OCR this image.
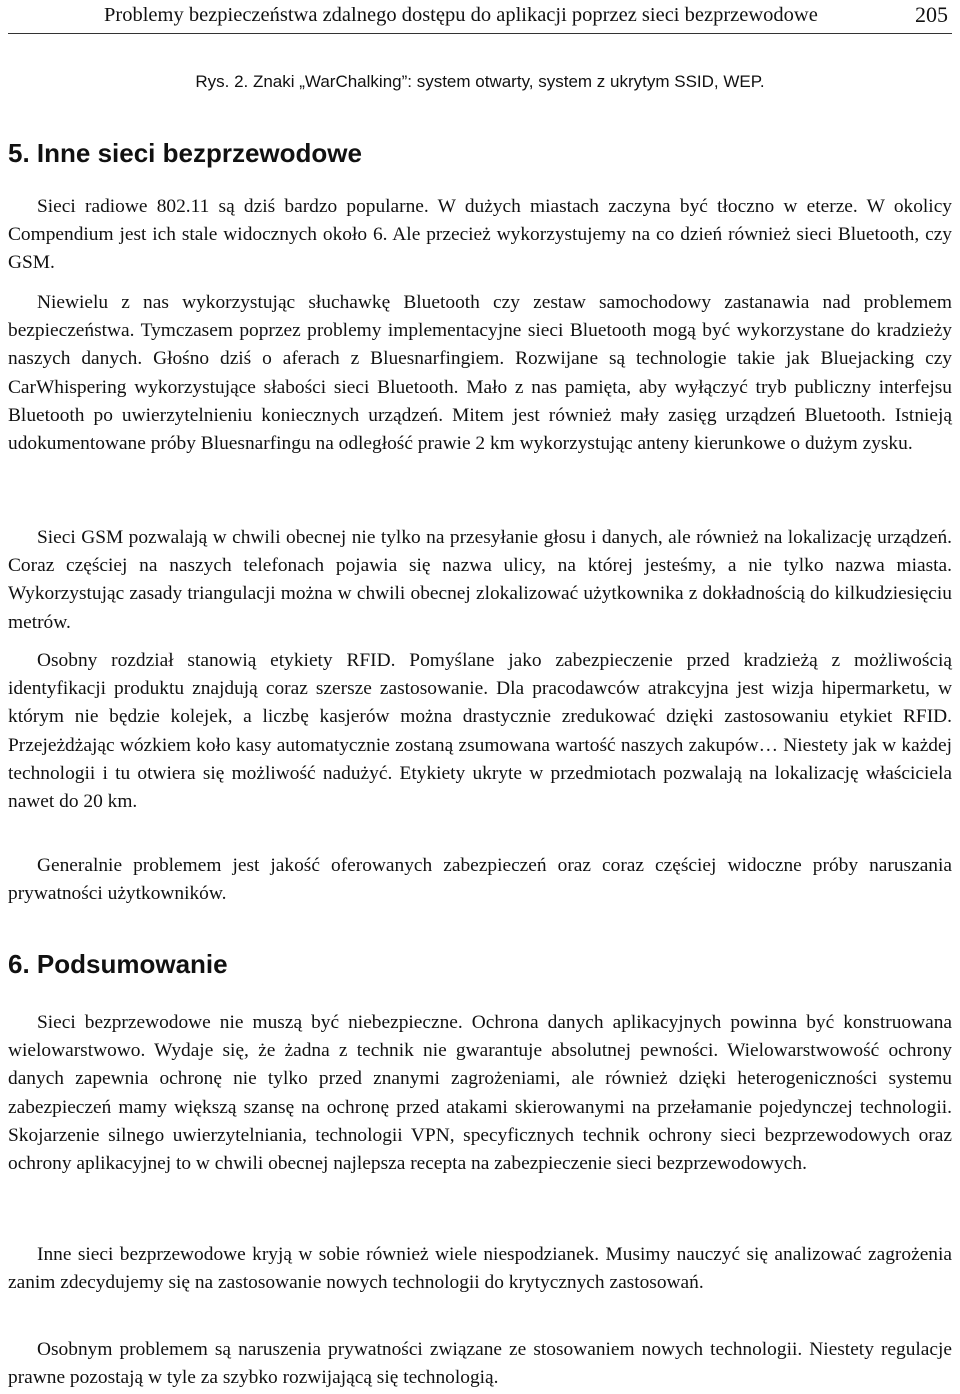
Problemy bezpieczeństwa zdalnego dostępu do aplikacji poprzez sieci bezprzewodowe	205
Rys. 2. Znaki „WarChalking”: system otwarty, system z ukrytym SSID, WEP.
5. Inne sieci bezprzewodowe

Sieci radiowe 802.11 są dziś bardzo popularne. W dużych miastach zaczyna być tłoczno w eterze. W okolicy Compendium jest ich stale widocznych około 6. Ale przecież wykorzystujemy na co dzień również sieci Bluetooth, czy GSM.

Niewielu z nas wykorzystując słuchawkę Bluetooth czy zestaw samochodowy zastanawia nad problemem bezpieczeństwa. Tymczasem poprzez problemy implementacyjne sieci Bluetooth mogą być wykorzystane do kradzieży naszych danych. Głośno dziś o aferach z Bluesnarfingiem. Rozwijane są technologie takie jak Bluejacking czy CarWhispering wykorzystujące słabości sieci Bluetooth. Mało z nas pamięta, aby wyłączyć tryb publiczny interfejsu Bluetooth po uwierzytelnieniu koniecznych urządzeń. Mitem jest również mały zasięg urządzeń Bluetooth. Istnieją udokumentowane próby Bluesnarfingu na odległość prawie 2 km wykorzystując anteny kierunkowe o dużym zysku.

Sieci GSM pozwalają w chwili obecnej nie tylko na przesyłanie głosu i danych, ale również na lokalizację urządzeń. Coraz częściej na naszych telefonach pojawia się nazwa ulicy, na której jesteśmy, a nie tylko nazwa miasta. Wykorzystując zasady triangulacji można w chwili obecnej zlokalizować użytkownika z dokładnością do kilkudziesięciu metrów.

Osobny rozdział stanowią etykiety RFID. Pomyślane jako zabezpieczenie przed kradzieżą z możliwością identyfikacji produktu znajdują coraz szersze zastosowanie. Dla pracodawców atrakcyjna jest wizja hipermarketu, w którym nie będzie kolejek, a liczbę kasjerów można drastycznie zredukować dzięki zastosowaniu etykiet RFID. Przejeżdżając wózkiem koło kasy automatycznie zostaną zsumowana wartość naszych zakupów… Niestety jak w każdej technologii i tu otwiera się możliwość nadużyć. Etykiety ukryte w przedmiotach pozwalają na lokalizację właściciela nawet do 20 km.

Generalnie problemem jest jakość oferowanych zabezpieczeń oraz coraz częściej widoczne próby naruszania prywatności użytkowników.

6. Podsumowanie

Sieci bezprzewodowe nie muszą być niebezpieczne. Ochrona danych aplikacyjnych powinna być konstruowana wielowarstwowo. Wydaje się, że żadna z technik nie gwarantuje absolutnej pewności. Wielowarstwowość ochrony danych zapewnia ochronę nie tylko przed znanymi zagrożeniami, ale również dzięki heterogeniczności systemu zabezpieczeń mamy większą szansę na ochronę przed atakami skierowanymi na przełamanie pojedynczej technologii. Skojarzenie silnego uwierzytelniania, technologii VPN, specyficznych technik ochrony sieci bezprzewodowych oraz ochrony aplikacyjnej to w chwili obecnej najlepsza recepta na zabezpieczenie sieci bezprzewodowych.

Inne sieci bezprzewodowe kryją w sobie również wiele niespodzianek. Musimy nauczyć się analizować zagrożenia zanim zdecydujemy się na zastosowanie nowych technologii do krytycznych zastosowań.

Osobnym problemem są naruszenia prywatności związane ze stosowaniem nowych technologii. Niestety regulacje prawne pozostają w tyle za szybko rozwijającą się technologią.
